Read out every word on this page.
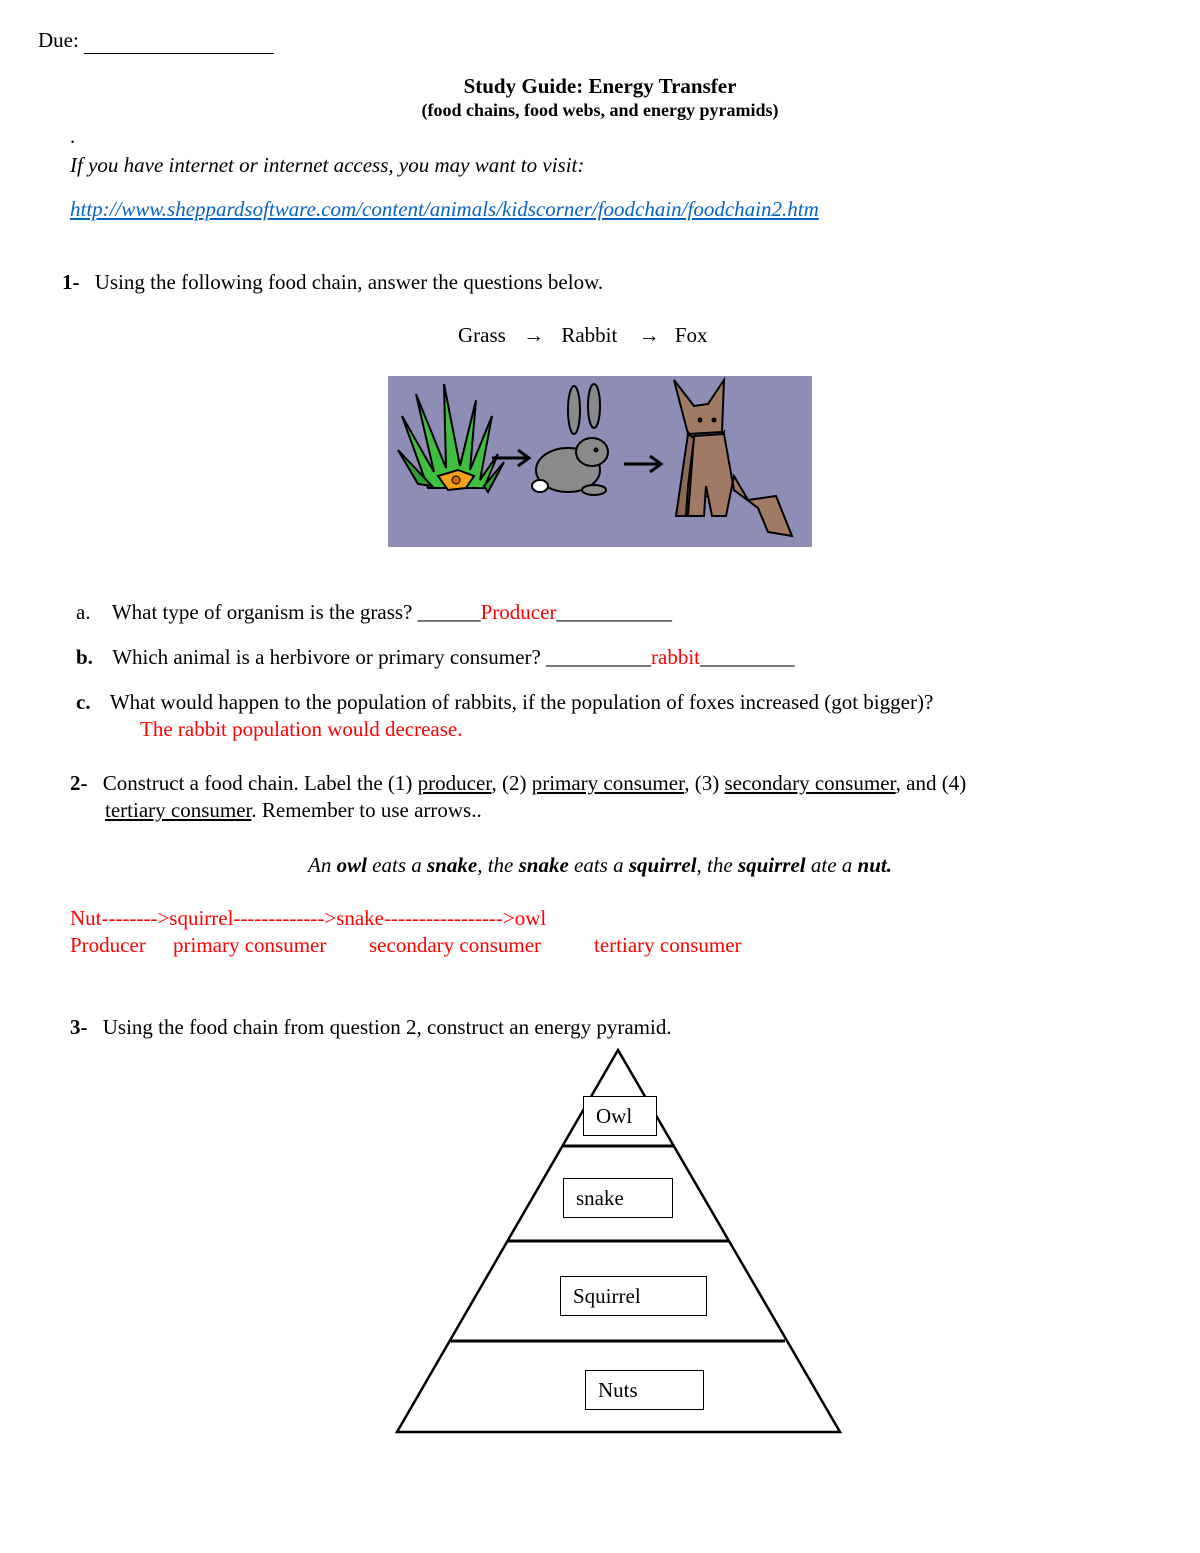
Due:
Study Guide: Energy Transfer
(food chains, food webs, and energy pyramids)
.
If you have internet or internet access, you may want to visit:
http://www.sheppardsoftware.com/content/animals/kidscorner/foodchain/foodchain2.htm
1- Using the following food chain, answer the questions below.
Grass → Rabbit → Fox
a. What type of organism is the grass? ______Producer___________
b. Which animal is a herbivore or primary consumer? __________rabbit_________
c. What would happen to the population of rabbits, if the population of foxes increased (got bigger)?
The rabbit population would decrease.
2- Construct a food chain. Label the (1) producer, (2) primary consumer, (3) secondary consumer, and (4)
tertiary consumer. Remember to use arrows..
An owl eats a snake, the snake eats a squirrel, the squirrel ate a nut.
Nut-------->squirrel------------->snake----------------->owl
Producer primary consumer secondary consumer	tertiary consumer
3- Using the food chain from question 2, construct an energy pyramid.
Owl
snake
Squirrel
Nuts
